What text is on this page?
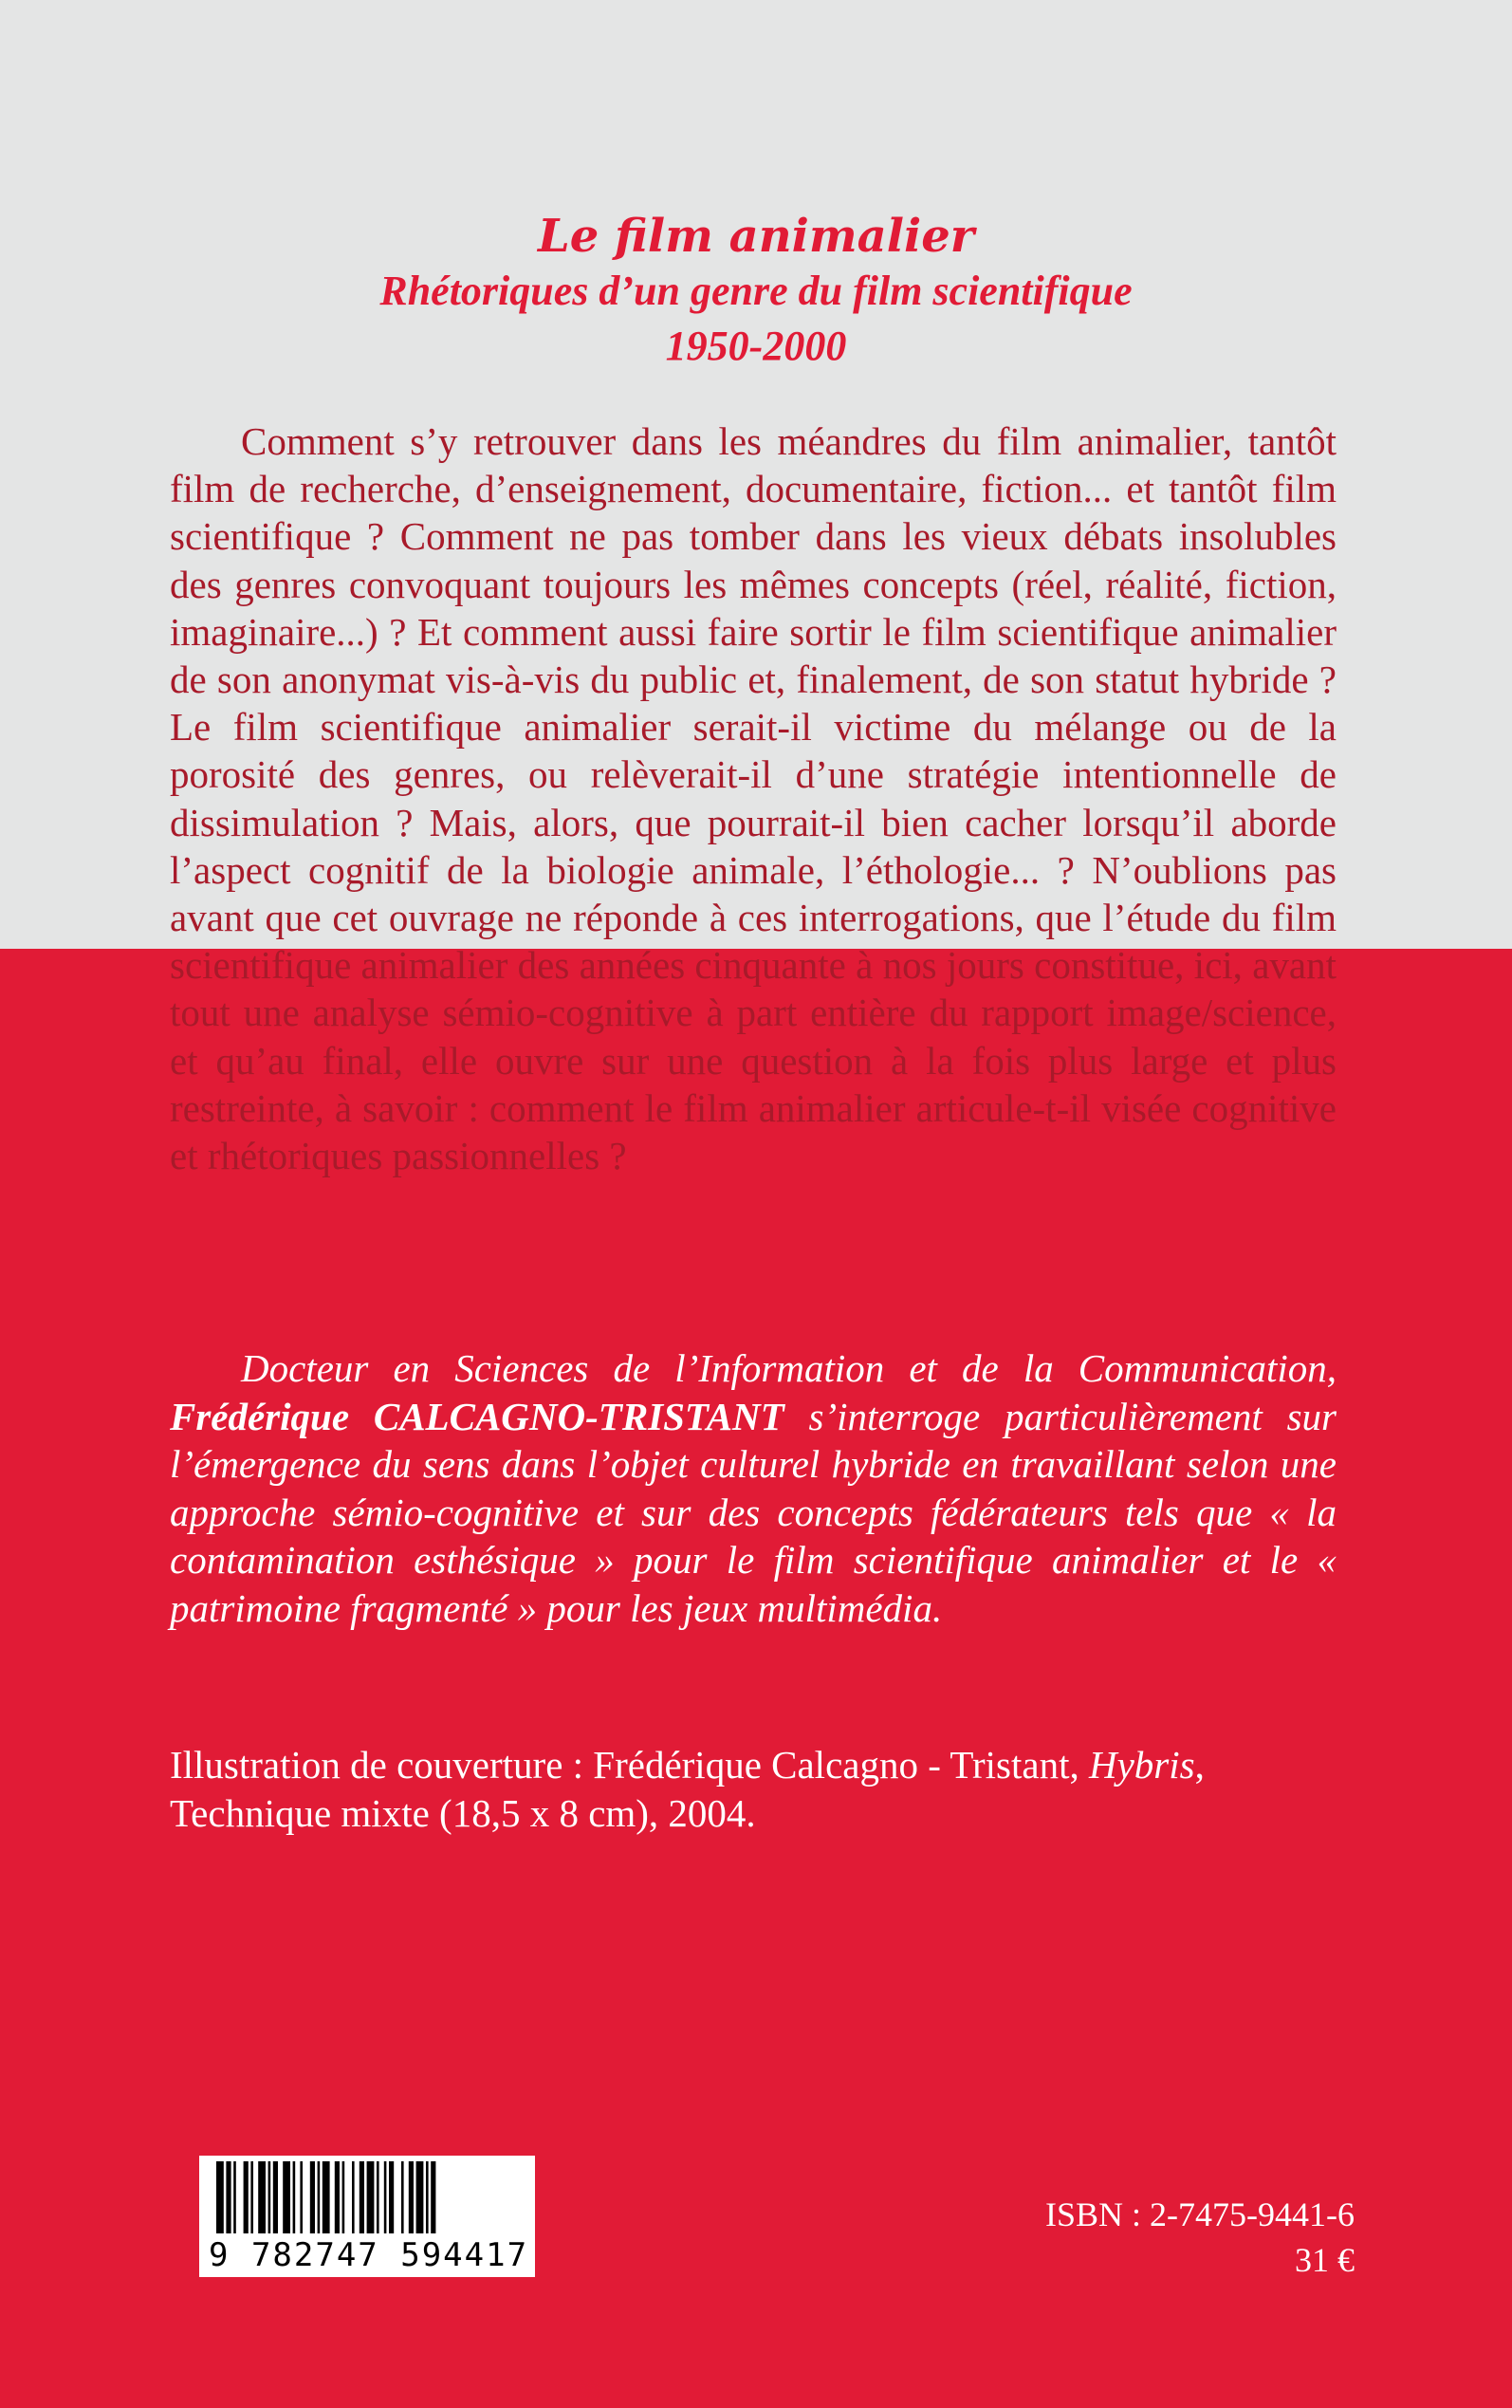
Le film animalier
Rhétoriques d’un genre du film scientifique
1950-2000

Comment s’y retrouver dans les méandres du film animalier, tantôt film de recherche, d’enseignement, documentaire, fiction... et tantôt film scientifique ? Comment ne pas tomber dans les vieux débats insolubles des genres convoquant toujours les mêmes concepts (réel, réalité, fiction, imaginaire...) ? Et comment aussi faire sortir le film scientifique animalier de son anonymat vis-à-vis du public et, finalement, de son statut hybride ? Le film scientifique animalier serait-il victime du mélange ou de la porosité des genres, ou relèverait-il d’une stratégie intentionnelle de dissimulation ? Mais, alors, que pourrait-il bien cacher lorsqu’il aborde l’aspect cognitif de la biologie animale, l’éthologie... ? N’oublions pas avant que cet ouvrage ne réponde à ces interrogations, que l’étude du film scientifique animalier des années cinquante à nos jours constitue, ici, avant tout une analyse sémio-cognitive à part entière du rapport image/science, et qu’au final, elle ouvre sur une question à la fois plus large et plus restreinte, à savoir : comment le film animalier articule-t-il visée cognitive et rhétoriques passionnelles ?

Docteur en Sciences de l’Information et de la Communication, Frédérique CALCAGNO-TRISTANT s’interroge particulièrement sur l’émergence du sens dans l’objet culturel hybride en travaillant selon une approche sémio-cognitive et sur des concepts fédérateurs tels que « la contamination esthésique » pour le film scientifique animalier et le « patrimoine fragmenté » pour les jeux multimédia.

Illustration de couverture : Frédérique Calcagno - Tristant, Hybris, Technique mixte (18,5 x 8 cm), 2004.

9 782747 594417
ISBN : 2-7475-9441-6
31 €
